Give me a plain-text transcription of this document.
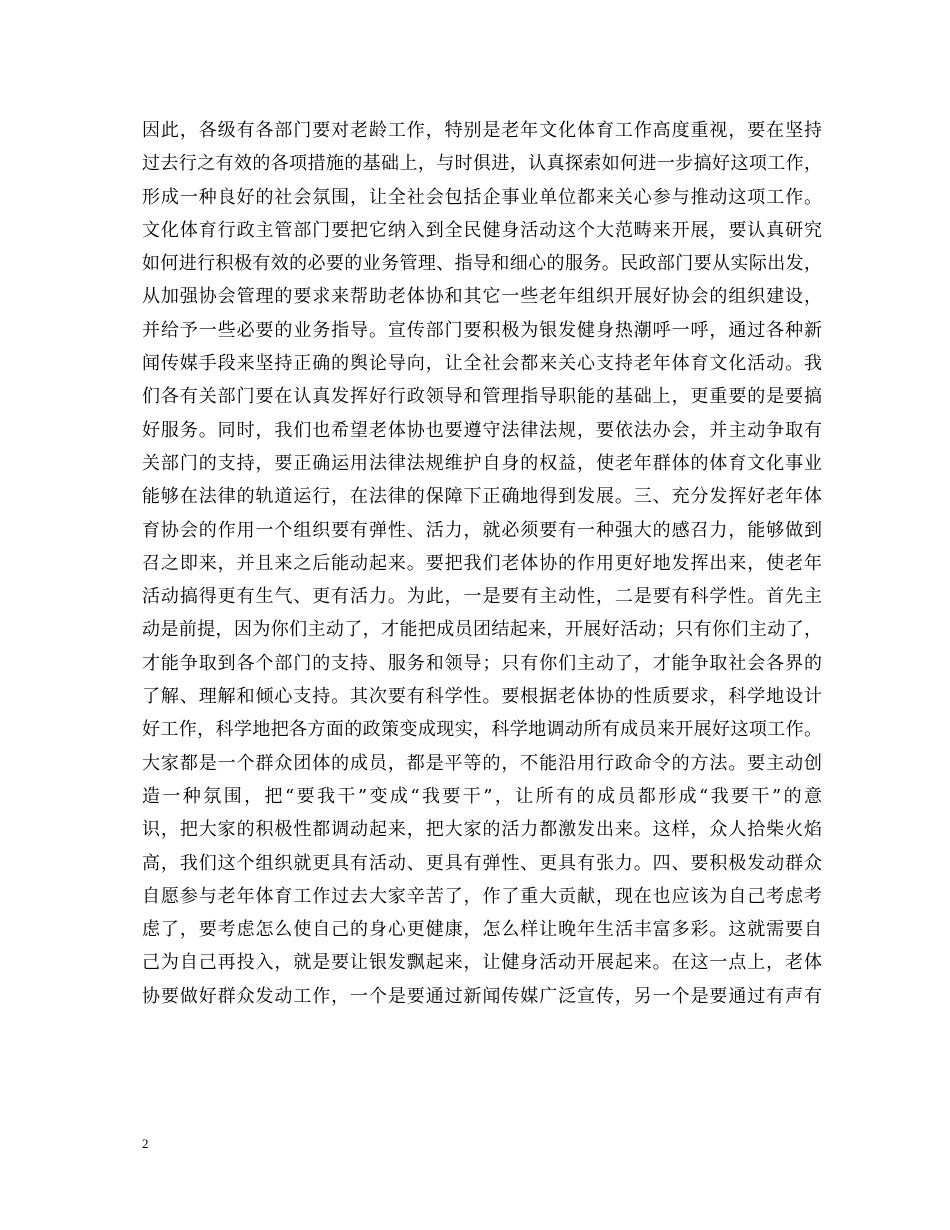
因此，各级有各部门要对老龄工作，特别是老年文化体育工作高度重视，要在坚持
过去行之有效的各项措施的基础上，与时俱进，认真探索如何进一步搞好这项工作，
形成一种良好的社会氛围，让全社会包括企事业单位都来关心参与推动这项工作。
文化体育行政主管部门要把它纳入到全民健身活动这个大范畴来开展，要认真研究
如何进行积极有效的必要的业务管理、指导和细心的服务。民政部门要从实际出发，
从加强协会管理的要求来帮助老体协和其它一些老年组织开展好协会的组织建设，
并给予一些必要的业务指导。宣传部门要积极为银发健身热潮呼一呼，通过各种新
闻传媒手段来坚持正确的舆论导向，让全社会都来关心支持老年体育文化活动。我
们各有关部门要在认真发挥好行政领导和管理指导职能的基础上，更重要的是要搞
好服务。同时，我们也希望老体协也要遵守法律法规，要依法办会，并主动争取有
关部门的支持，要正确运用法律法规维护自身的权益，使老年群体的体育文化事业
能够在法律的轨道运行，在法律的保障下正确地得到发展。三、充分发挥好老年体
育协会的作用一个组织要有弹性、活力，就必须要有一种强大的感召力，能够做到
召之即来，并且来之后能动起来。要把我们老体协的作用更好地发挥出来，使老年
活动搞得更有生气、更有活力。为此，一是要有主动性，二是要有科学性。首先主
动是前提，因为你们主动了，才能把成员团结起来，开展好活动；只有你们主动了，
才能争取到各个部门的支持、服务和领导；只有你们主动了，才能争取社会各界的
了解、理解和倾心支持。其次要有科学性。要根据老体协的性质要求，科学地设计
好工作，科学地把各方面的政策变成现实，科学地调动所有成员来开展好这项工作。
大家都是一个群众团体的成员，都是平等的，不能沿用行政命令的方法。要主动创
造一种氛围，把“要我干”变成“我要干”，让所有的成员都形成“我要干”的意
识，把大家的积极性都调动起来，把大家的活力都激发出来。这样，众人拾柴火焰
高，我们这个组织就更具有活动、更具有弹性、更具有张力。四、要积极发动群众
自愿参与老年体育工作过去大家辛苦了，作了重大贡献，现在也应该为自己考虑考
虑了，要考虑怎么使自己的身心更健康，怎么样让晚年生活丰富多彩。这就需要自
己为自己再投入，就是要让银发飘起来，让健身活动开展起来。在这一点上，老体
协要做好群众发动工作，一个是要通过新闻传媒广泛宣传，另一个是要通过有声有
2
